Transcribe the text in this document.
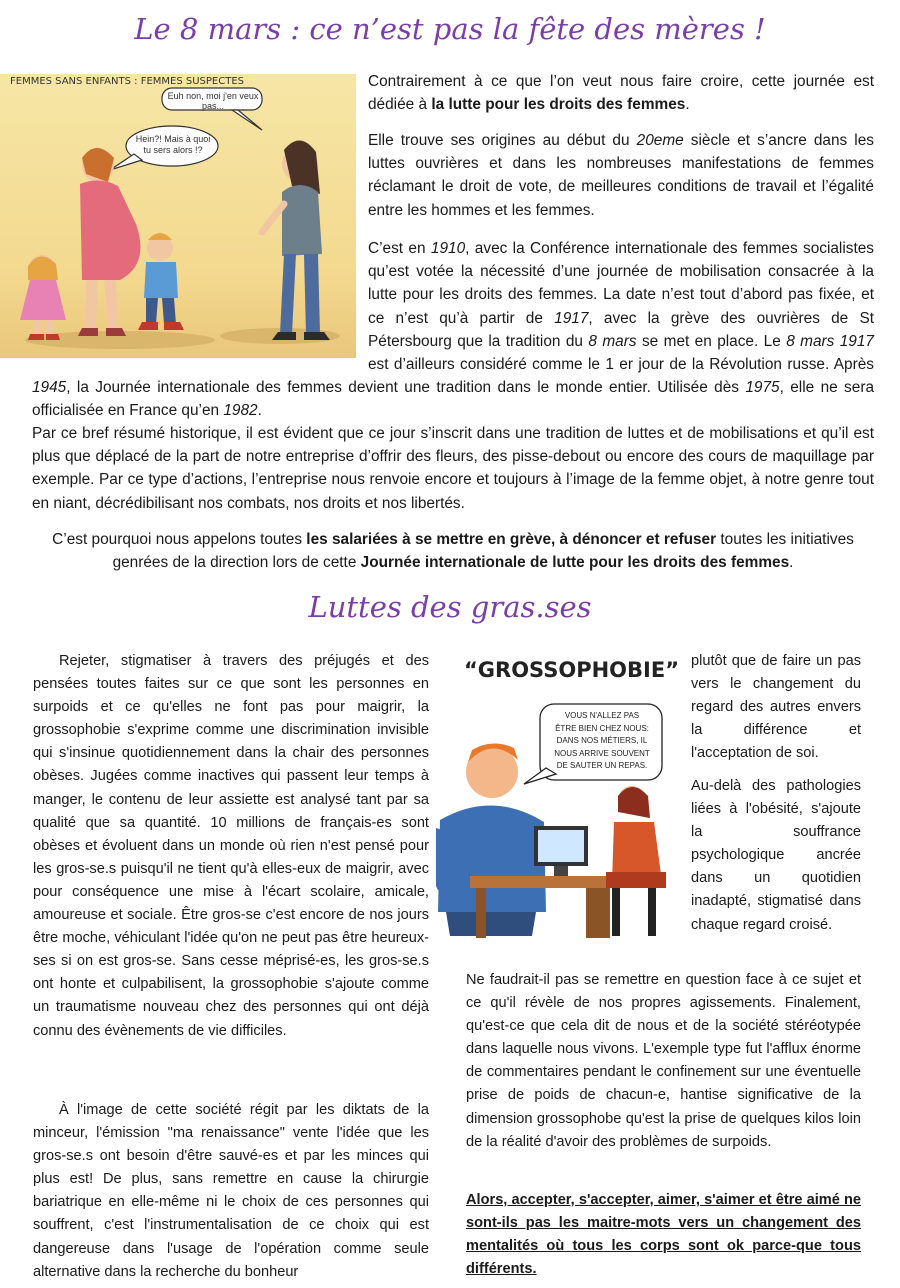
Le 8 mars : ce n’est pas la fête des mères !
FEMMES SANS ENFANTS : FEMMES SUSPECTES
Euh non, moi j'en veux pas...
Hein?! Mais à quoi
tu sers alors !?

Contrairement à ce que l’on veut nous faire croire, cette journée est dédiée à la lutte pour les droits des femmes.

Elle trouve ses origines au début du 20eme siècle et s’ancre dans les luttes ouvrières et dans les nombreuses manifestations de femmes réclamant le droit de vote, de meilleures conditions de travail et l’égalité entre les hommes et les femmes.

C’est en 1910, avec la Conférence internationale des femmes socialistes qu’est votée la nécessité d’une journée de mobilisation consacrée à la lutte pour les droits des femmes. La date n’est tout d’abord pas fixée, et ce n’est qu’à partir de 1917, avec la grève des ouvrières de St Pétersbourg que la tradition du 8 mars se met en place. Le 8 mars 1917 est d’ailleurs considéré comme le 1 er jour de la Révolution russe. Après 1945, la Journée internationale des femmes devient une tradition dans le monde entier. Utilisée dès 1975, elle ne sera officialisée en France qu’en 1982.

Par ce bref résumé historique, il est évident que ce jour s’inscrit dans une tradition de luttes et de mobilisations et qu’il est plus que déplacé de la part de notre entreprise d’offrir des fleurs, des pisse-debout ou encore des cours de maquillage par exemple. Par ce type d’actions, l’entreprise nous renvoie encore et toujours à l’image de la femme objet, à notre genre tout en niant, décrédibilisant nos combats, nos droits et nos libertés.

C’est pourquoi nous appelons toutes les salariées à se mettre en grève, à dénoncer et refuser toutes les initiatives genrées de la direction lors de cette Journée internationale de lutte pour les droits des femmes.

Luttes des gras.ses

Rejeter, stigmatiser à travers des préjugés et des pensées toutes faites sur ce que sont les personnes en surpoids et ce qu'elles ne font pas pour maigrir, la grossophobie s'exprime comme une discrimination invisible qui s'insinue quotidiennement dans la chair des personnes obèses. Jugées comme inactives qui passent leur temps à manger, le contenu de leur assiette est analysé tant par sa qualité que sa quantité. 10 millions de français-es sont obèses et évoluent dans un monde où rien n'est pensé pour les gros-se.s puisqu'il ne tient qu'à elles-eux de maigrir, avec pour conséquence une mise à l'écart scolaire, amicale, amoureuse et sociale. Être gros-se c'est encore de nos jours être moche, véhiculant l'idée qu'on ne peut pas être heureux-ses si on est gros-se. Sans cesse méprisé-es, les gros-se.s ont honte et culpabilisent, la grossophobie s'ajoute comme un traumatisme nouveau chez des personnes qui ont déjà connu des évènements de vie difficiles.

À l'image de cette société régit par les diktats de la minceur, l'émission "ma renaissance" vente l'idée que les gros-se.s ont besoin d'être sauvé-es et par les minces qui plus est! De plus, sans remettre en cause la chirurgie bariatrique en elle-même ni le choix de ces personnes qui souffrent, c'est l'instrumentalisation de ce choix qui est dangereuse dans l'usage de l'opération comme seule alternative dans la recherche du bonheur

“GROSSOPHOBIE”
VOUS N'ALLEZ PAS
ÊTRE BIEN CHEZ NOUS:
DANS NOS MÉTIERS, IL
NOUS ARRIVE SOUVENT
DE SAUTER UN REPAS.

plutôt que de faire un pas vers le changement du regard des autres envers la différence et l'acceptation de soi.

Au-delà des pathologies liées à l'obésité, s'ajoute la souffrance psychologique ancrée dans un quotidien inadapté, stigmatisé dans chaque regard croisé.

Ne faudrait-il pas se remettre en question face à ce sujet et ce qu'il révèle de nos propres agissements. Finalement, qu'est-ce que cela dit de nous et de la société stéréotypée dans laquelle nous vivons. L'exemple type fut l'afflux énorme de commentaires pendant le confinement sur une éventuelle prise de poids de chacun-e, hantise significative de la dimension grossophobe qu'est la prise de quelques kilos loin de la réalité d'avoir des problèmes de surpoids.

Alors, accepter, s'accepter, aimer, s'aimer et être aimé ne sont-ils pas les maitre-mots vers un changement des mentalités où tous les corps sont ok parce-que tous différents.
